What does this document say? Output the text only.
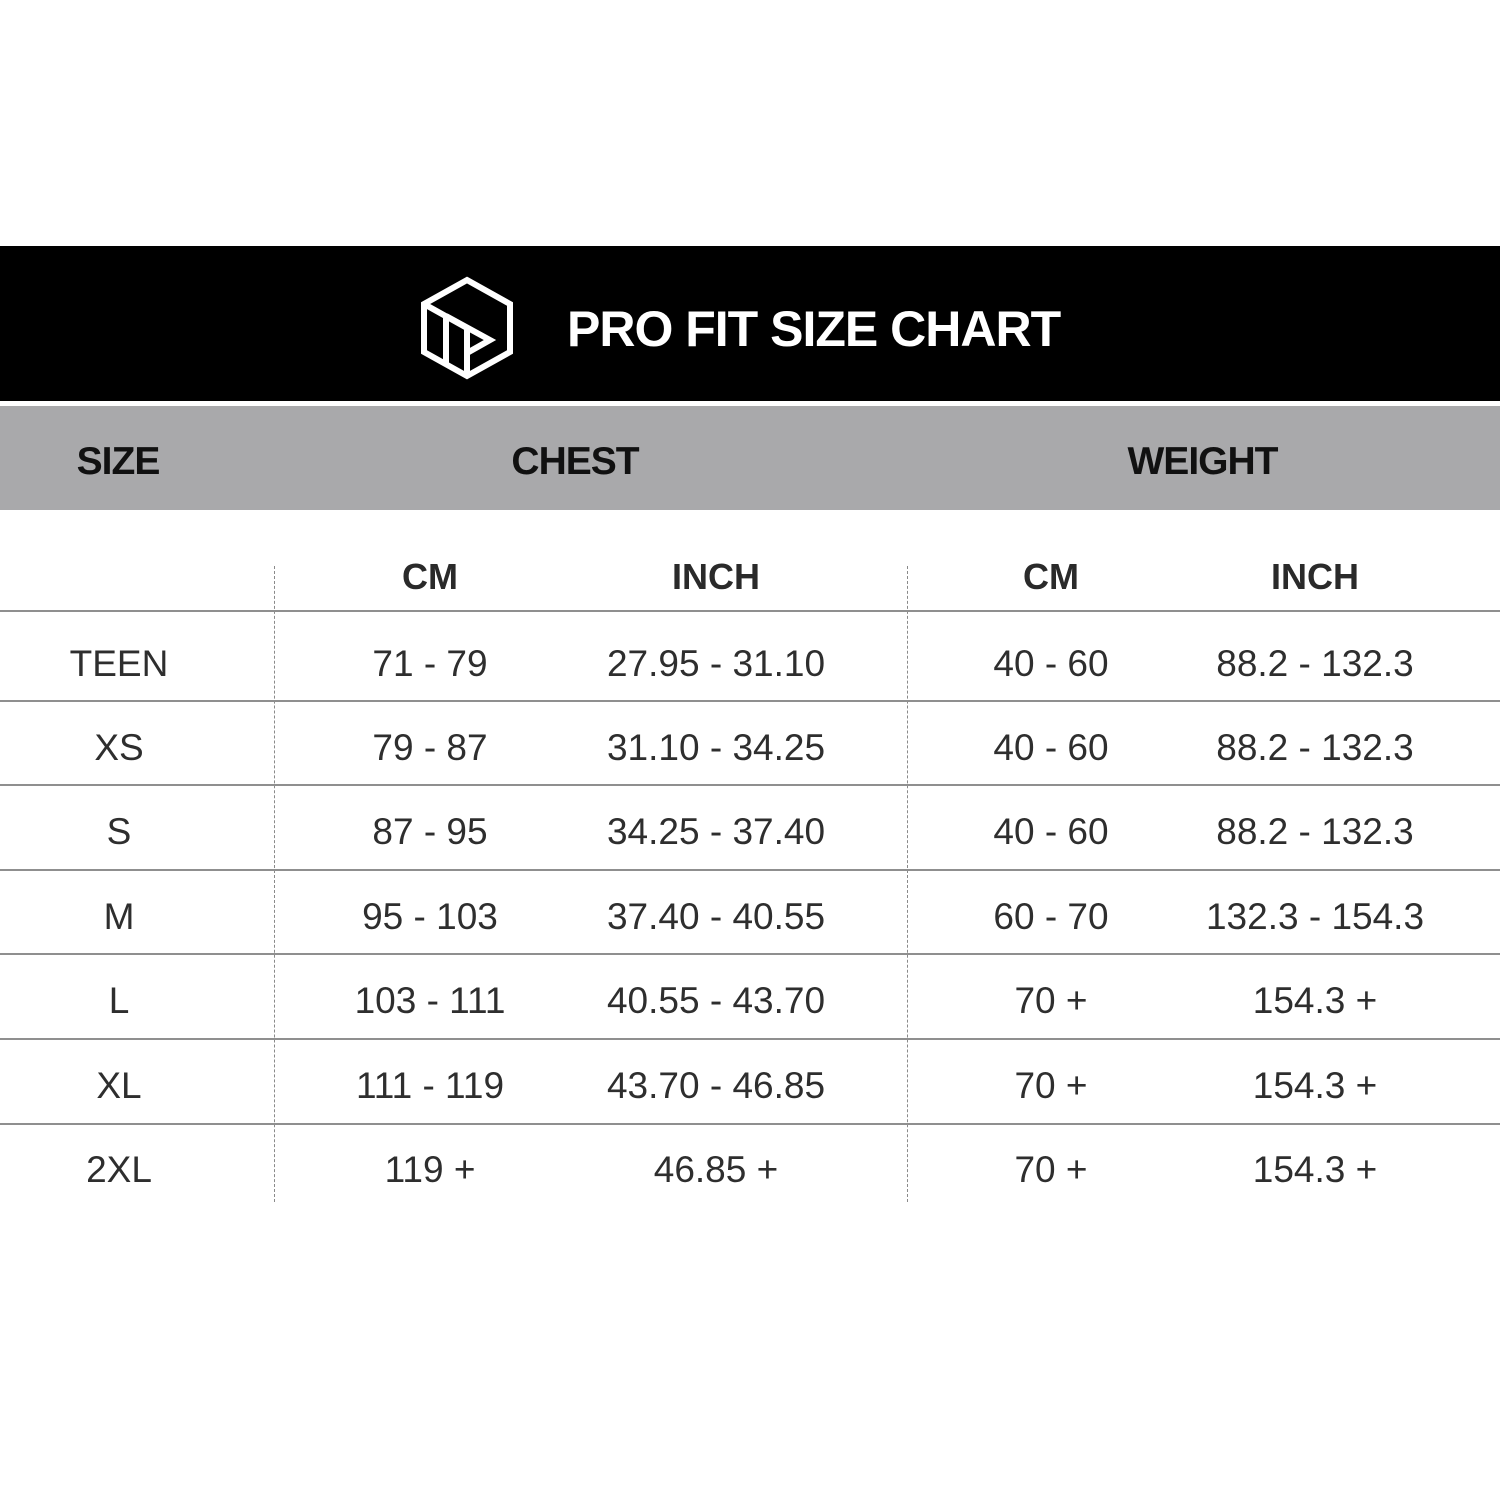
PRO FIT SIZE CHART
SIZE	CHEST	WEIGHT
CM	INCH	CM	INCH
TEEN	71 - 79	27.95 - 31.10	40 - 60	88.2 - 132.3
XS	79 - 87	31.10 - 34.25	40 - 60	88.2 - 132.3
S	87 - 95	34.25 - 37.40	40 - 60	88.2 - 132.3
M	95 - 103	37.40 - 40.55	60 - 70	132.3 - 154.3
L	103 - 111	40.55 - 43.70	70 +	154.3 +
XL	111 - 119	43.70 - 46.85	70 +	154.3 +
2XL	119 +	46.85 +	70 +	154.3 +
